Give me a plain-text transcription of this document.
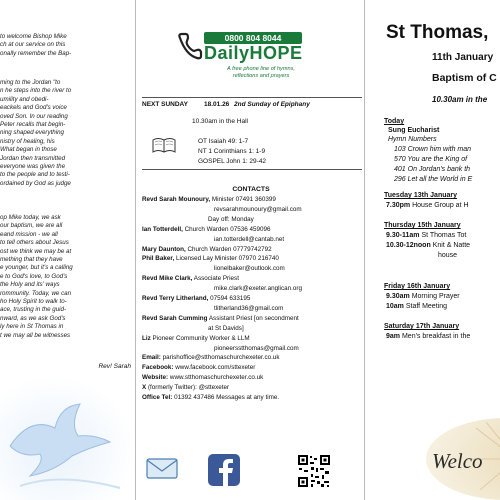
to welcome Bishop Mike
ch at our service on this
onally remember the Bap-
ming to the Jordan "to
n he steps into the river to
umility and obedi-
eackels and God's voice
oved Son. In our reading
Peter recalls that begin-
ning shaped everything
nistry of healing, his
What began in those
Jordan then transmitted
everyone was given the
to the people and to testi-
ordained by God as judge
op Mike today, we ask
our baptism, we are all
eand mission - we all
to tell others about Jesus
ost we think we may be at
mething that they have
e younger, but it's a calling
e to God's love, to God's
the Holy and its' ways
rommunity. Today, we can
ho Holy Spirit to walk to-
ace, trusting in the guid-
nward, as we ask God's
ly here in St Thomas in
t we may all be witnesses
Rev! Sarah
0800 804 8044
DailyHOPE
A free phone line of hymns,
reflections and prayers
NEXT SUNDAY 18.01.26 2nd Sunday of Epiphany
10.30am in the Hall
OT Isaiah 49: 1-7
NT 1 Corinthians 1: 1-9
GOSPEL John 1: 29-42
CONTACTS
Revd Sarah Mounoury, Minister 07491 360399
revsarahmounoury@gmail.com
Day off: Monday
Ian Totterdell, Church Warden 07536 459096
ian.totterdell@cantab.net
Mary Daunton, Church Warden 07779742792
Phil Baker, Licensed Lay Minister 07970 216740
lionelbaker@outlook.com
Revd Mike Clark, Associate Priest
mike.clark@exeter.anglican.org
Revd Terry Litherland, 07594 633195
tlitherland36@gmail.com
Revd Sarah Cumming Assistant Priest [on secondment
at St Davids]
Liz Pioneer Community Worker & LLM
pioneersstthomas@gmail.com
Email: parishoffice@stthomaschurchexeter.co.uk
Facebook: www.facebook.com/sttexeter
Website: www.stthomaschurchexeter.co.uk
X (formerly Twitter): @sttexeter
Office Tel: 01392 437486 Messages at any time.
St Thomas,
11th January
Baptism of C
10.30am in the
Today
Sung Eucharist
Hymn Numbers
103 Crown him with man
570 You are the King of
401 On Jordan's bank th
296 Let all the World in E
Tuesday 13th January
7.30pm House Group at H
Thursday 15th January
9.30-11am St Thomas Tot
10.30-12noon Knit & Natte
house
Friday 16th January
9.30am Morning Prayer
10am Staff Meeting
Saturday 17th January
9am Men's breakfast in the
Welco
